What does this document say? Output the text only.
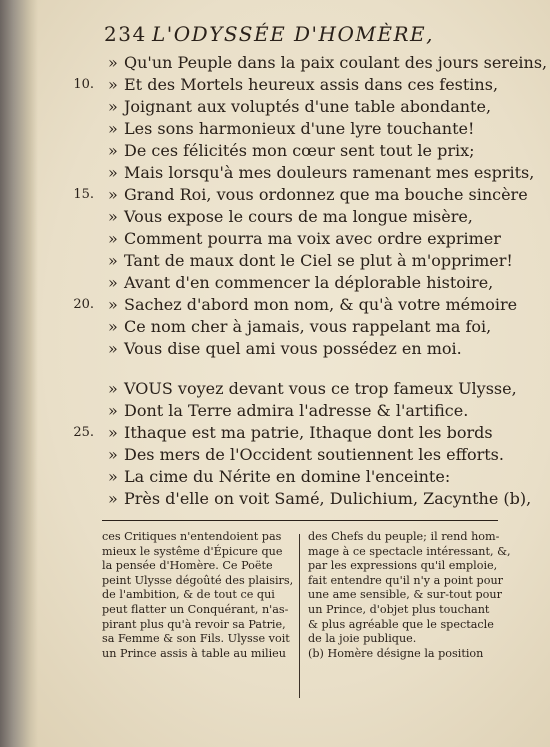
234 L'ODYSSÉE D'HOMÈRE,
» Qu'un Peuple dans la paix coulant des jours sereins,
10. » Et des Mortels heureux assis dans ces festins,
» Joignant aux voluptés d'une table abondante,
» Les sons harmonieux d'une lyre touchante!
» De ces félicités mon cœur sent tout le prix;
» Mais lorsqu'à mes douleurs ramenant mes esprits,
15. » Grand Roi, vous ordonnez que ma bouche sincère
» Vous expose le cours de ma longue misère,
» Comment pourra ma voix avec ordre exprimer
» Tant de maux dont le Ciel se plut à m'opprimer!
» Avant d'en commencer la déplorable histoire,
20. » Sachez d'abord mon nom, & qu'à votre mémoire
» Ce nom cher à jamais, vous rappelant ma foi,
» Vous dise quel ami vous possédez en moi.
» VOUS voyez devant vous ce trop fameux Ulysse,
» Dont la Terre admira l'adresse & l'artifice.
25. » Ithaque est ma patrie, Ithaque dont les bords
» Des mers de l'Occident soutiennent les efforts.
» La cime du Nérite en domine l'enceinte:
» Près d'elle on voit Samé, Dulichium, Zacynthe (b),
ces Critiques n'entendoient pas
mieux le systême d'Épicure que
la pensée d'Homère. Ce Poëte
peint Ulysse dégoûté des plaisirs,
de l'ambition, & de tout ce qui
peut flatter un Conquérant, n'as-
pirant plus qu'à revoir sa Patrie,
sa Femme & son Fils. Ulysse voit
un Prince assis à table au milieu
des Chefs du peuple; il rend hom-
mage à ce spectacle intéressant, &,
par les expressions qu'il emploie,
fait entendre qu'il n'y a point pour
une ame sensible, & sur-tout pour
un Prince, d'objet plus touchant
& plus agréable que le spectacle
de la joie publique.
(b) Homère désigne la position
